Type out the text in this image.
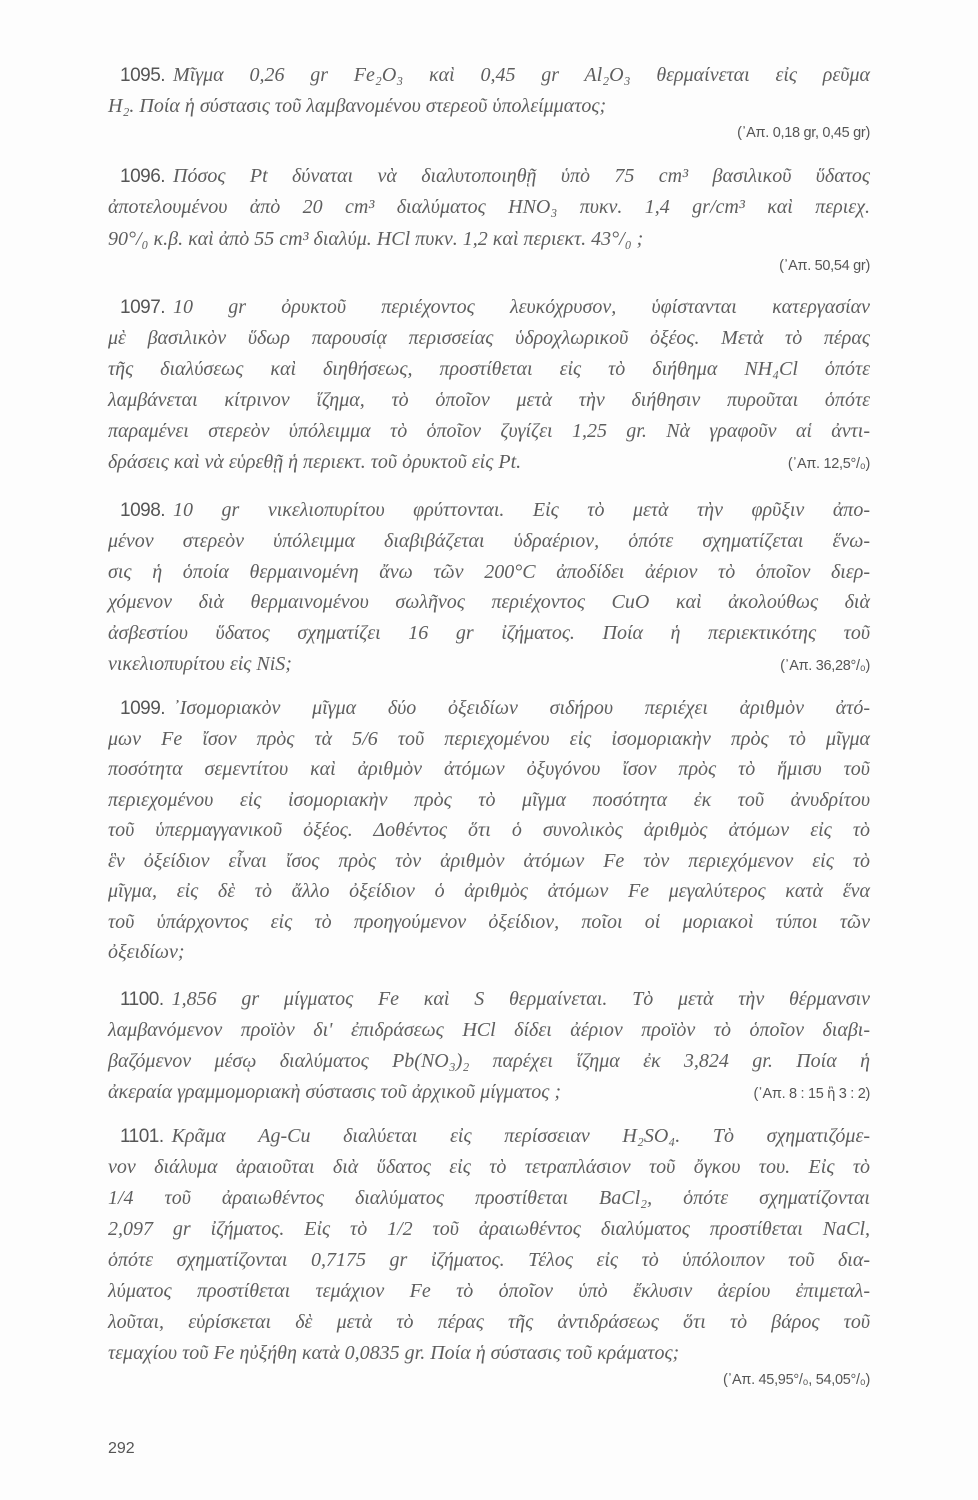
292
1095. Μῖγμα 0,26 gr Fe₂O₃ καὶ 0,45 gr Al₂O₃ θερμαίνεται εἰς ρεῦμα
H₂. Ποία ἡ σύστασις τοῦ λαμβανομένου στερεοῦ ὑπολείμματος;
(᾿Απ. 0,18 gr, 0,45 gr)
1096. Πόσος Pt δύναται νὰ διαλυτοποιηθῇ ὑπὸ 75 cm³ βασιλικοῦ ὕδατος
ἀποτελουμένου ἀπὸ 20 cm³ διαλύματος HNO₃ πυκν. 1,4 gr/cm³ καὶ περιεχ.
90°/₀ κ.β. καὶ ἀπὸ 55 cm³ διαλύμ. HCl πυκν. 1,2 καὶ περιεκτ. 43°/₀ ;
(᾿Απ. 50,54 gr)
1097. 10 gr ὀρυκτοῦ περιέχοντος λευκόχρυσον, ὑφίστανται κατεργασίαν
μὲ βασιλικὸν ὕδωρ παρουσίᾳ περισσείας ὑδροχλωρικοῦ ὀξέος. Μετὰ τὸ πέρας
τῆς διαλύσεως καὶ διηθήσεως, προστίθεται εἰς τὸ διήθημα NH₄Cl ὁπότε
λαμβάνεται κίτρινον ἵζημα, τὸ ὁποῖον μετὰ τὴν διήθησιν πυροῦται ὁπότε
παραμένει στερεὸν ὑπόλειμμα τὸ ὁποῖον ζυγίζει 1,25 gr. Νὰ γραφοῦν αἱ ἀντι-
δράσεις καὶ νὰ εὑρεθῇ ἡ περιεκτ. τοῦ ὀρυκτοῦ εἰς Pt.	(᾿Απ. 12,5°/₀)
1098. 10 gr νικελιοπυρίτου φρύττονται. Εἰς τὸ μετὰ τὴν φρῦξιν ἀπο-
μένον στερεὸν ὑπόλειμμα διαβιβάζεται ὑδραέριον, ὁπότε σχηματίζεται ἕνω-
σις ἡ ὁποία θερμαινομένη ἄνω τῶν 200°C ἀποδίδει ἀέριον τὸ ὁποῖον διερ-
χόμενον διὰ θερμαινομένου σωλῆνος περιέχοντος CuO καὶ ἀκολούθως διὰ
ἀσβεστίου ὕδατος σχηματίζει 16 gr ἰζήματος. Ποία ἡ περιεκτικότης τοῦ
νικελιοπυρίτου εἰς NiS;	(᾿Απ. 36,28°/₀)
1099. ᾿Ισομοριακὸν μῖγμα δύο ὀξειδίων σιδήρου περιέχει ἀριθμὸν ἀτό-
μων Fe ἴσον πρὸς τὰ 5/6 τοῦ περιεχομένου εἰς ἰσομοριακὴν πρὸς τὸ μῖγμα
ποσότητα σεμεντίτου καὶ ἀριθμὸν ἀτόμων ὀξυγόνου ἴσον πρὸς τὸ ἥμισυ τοῦ
περιεχομένου εἰς ἰσομοριακὴν πρὸς τὸ μῖγμα ποσότητα ἐκ τοῦ ἀνυδρίτου
τοῦ ὑπερμαγγανικοῦ ὀξέος. Δοθέντος ὅτι ὁ συνολικὸς ἀριθμὸς ἀτόμων εἰς τὸ
ἓν ὀξείδιον εἶναι ἴσος πρὸς τὸν ἀριθμὸν ἀτόμων Fe τὸν περιεχόμενον εἰς τὸ
μῖγμα, εἰς δὲ τὸ ἄλλο ὀξείδιον ὁ ἀριθμὸς ἀτόμων Fe μεγαλύτερος κατὰ ἕνα
τοῦ ὑπάρχοντος εἰς τὸ προηγούμενον ὀξείδιον, ποῖοι οἱ μοριακοὶ τύποι τῶν
ὀξειδίων;
1100. 1,856 gr μίγματος Fe καὶ S θερμαίνεται. Τὸ μετὰ τὴν θέρμανσιν
λαμβανόμενον προϊὸν δι' ἐπιδράσεως HCl δίδει ἀέριον προϊὸν τὸ ὁποῖον διαβι-
βαζόμενον μέσῳ διαλύματος Pb(NO₃)₂ παρέχει ἵζημα ἐκ 3,824 gr. Ποία ἡ
ἀκεραία γραμμομοριακὴ σύστασις τοῦ ἀρχικοῦ μίγματος ;	(᾿Απ. 8 : 15 ἢ 3 : 2)
1101. Κρᾶμα Ag-Cu διαλύεται εἰς περίσσειαν H₂SO₄. Τὸ σχηματιζόμε-
νον διάλυμα ἀραιοῦται διὰ ὕδατος εἰς τὸ τετραπλάσιον τοῦ ὄγκου του. Εἰς τὸ
1/4 τοῦ ἀραιωθέντος διαλύματος προστίθεται BaCl₂, ὁπότε σχηματίζονται
2,097 gr ἰζήματος. Εἰς τὸ 1/2 τοῦ ἀραιωθέντος διαλύματος προστίθεται NaCl,
ὁπότε σχηματίζονται 0,7175 gr ἰζήματος. Τέλος εἰς τὸ ὑπόλοιπον τοῦ δια-
λύματος προστίθεται τεμάχιον Fe τὸ ὁποῖον ὑπὸ ἔκλυσιν ἀερίου ἐπιμεταλ-
λοῦται, εὑρίσκεται δὲ μετὰ τὸ πέρας τῆς ἀντιδράσεως ὅτι τὸ βάρος τοῦ
τεμαχίου τοῦ Fe ηὐξήθη κατὰ 0,0835 gr. Ποία ἡ σύστασις τοῦ κράματος;
(᾿Απ. 45,95°/₀, 54,05°/₀)
